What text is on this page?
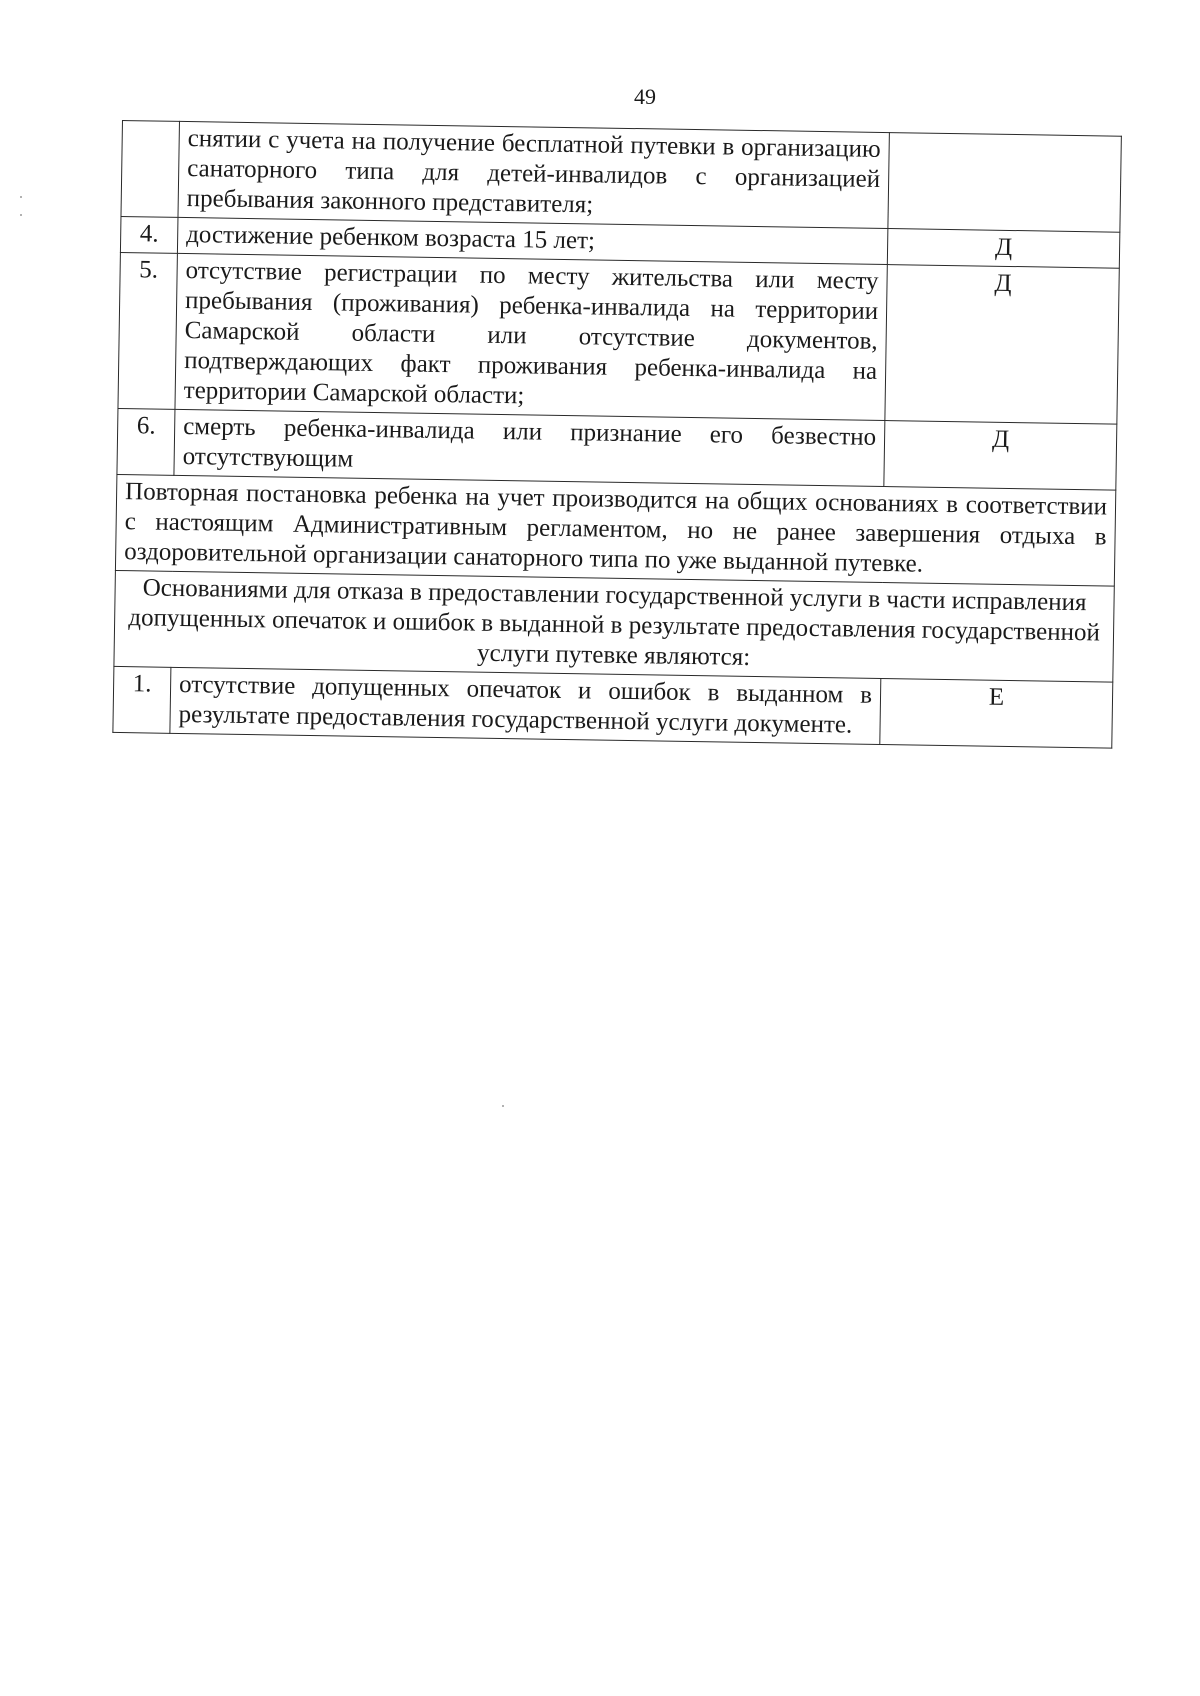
49
	снятии с учета на получение бесплатной путевки в организацию санаторного типа для детей-инвалидов с организацией пребывания законного представителя;	
4.	достижение ребенком возраста 15 лет;	Д
5.	отсутствие регистрации по месту жительства или месту пребывания (проживания) ребенка-инвалида на территории Самарской области или отсутствие документов, подтверждающих факт проживания ребенка-инвалида на территории Самарской области;	Д
6.	смерть ребенка-инвалида или признание его безвестно отсутствующим	Д
Повторная постановка ребенка на учет производится на общих основаниях в соответствии с настоящим Административным регламентом, но не ранее завершения отдыха в оздоровительной организации санаторного типа по уже выданной путевке.		
Основаниями для отказа в предоставлении государственной услуги в части исправления допущенных опечаток и ошибок в выданной в результате предоставления государственной услуги путевке являются:		
1.	отсутствие допущенных опечаток и ошибок в выданном в результате предоставления государственной услуги документе.	Е
